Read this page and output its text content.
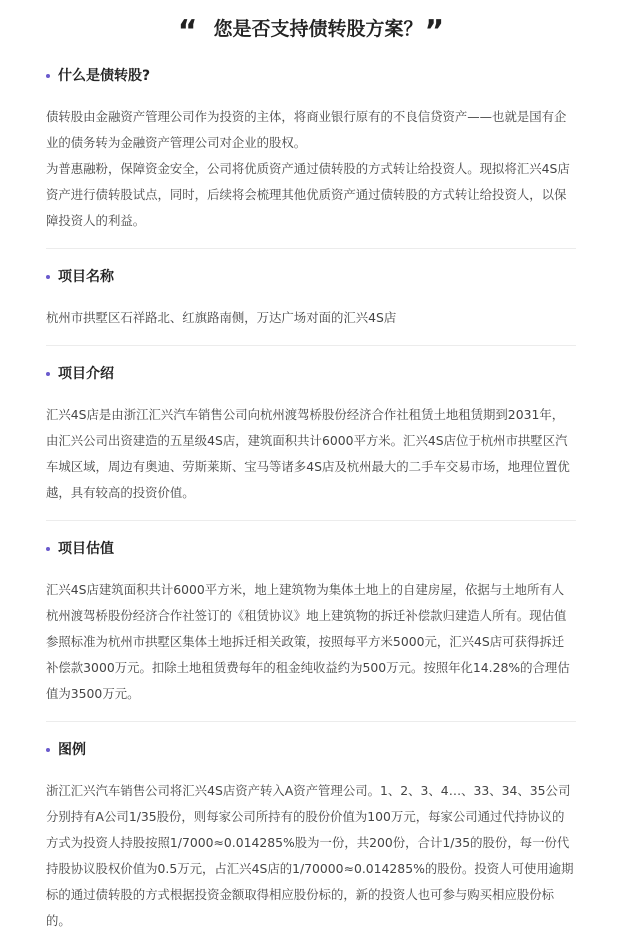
“ 您是否支持债转股方案？”
什么是债转股?

债转股由金融资产管理公司作为投资的主体，将商业银行原有的不良信贷资产——也就是国有企业的债务转为金融资产管理公司对企业的股权。

为普惠融粉，保障资金安全，公司将优质资产通过债转股的方式转让给投资人。现拟将汇兴4S店资产进行债转股试点，同时，后续将会梳理其他优质资产通过债转股的方式转让给投资人，以保障投资人的利益。

项目名称

杭州市拱墅区石祥路北、红旗路南侧，万达广场对面的汇兴4S店

项目介绍

汇兴4S店是由浙江汇兴汽车销售公司向杭州渡驾桥股份经济合作社租赁土地租赁期到2031年，由汇兴公司出资建造的五星级4S店，建筑面积共计6000平方米。汇兴4S店位于杭州市拱墅区汽车城区域，周边有奥迪、劳斯莱斯、宝马等诸多4S店及杭州最大的二手车交易市场，地理位置优越，具有较高的投资价值。

项目估值

汇兴4S店建筑面积共计6000平方米，地上建筑物为集体土地上的自建房屋，依据与土地所有人杭州渡驾桥股份经济合作社签订的《租赁协议》地上建筑物的拆迁补偿款归建造人所有。现估值参照标准为杭州市拱墅区集体土地拆迁相关政策，按照每平方米5000元，汇兴4S店可获得拆迁补偿款3000万元。扣除土地租赁费每年的租金纯收益约为500万元。按照年化14.28%的合理估值为3500万元。

图例

浙江汇兴汽车销售公司将汇兴4S店资产转入A资产管理公司。1、2、3、4…、33、34、35公司分别持有A公司1/35股份，则每家公司所持有的股份价值为100万元，每家公司通过代持协议的方式为投资人持股按照1/7000≈0.014285%股为一份，共200份，合计1/35的股份，每一份代持股协议股权价值为0.5万元，占汇兴4S店的1/70000≈0.014285%的股份。投资人可使用逾期标的通过债转股的方式根据投资金额取得相应股份标的，新的投资人也可参与购买相应股份标的。
